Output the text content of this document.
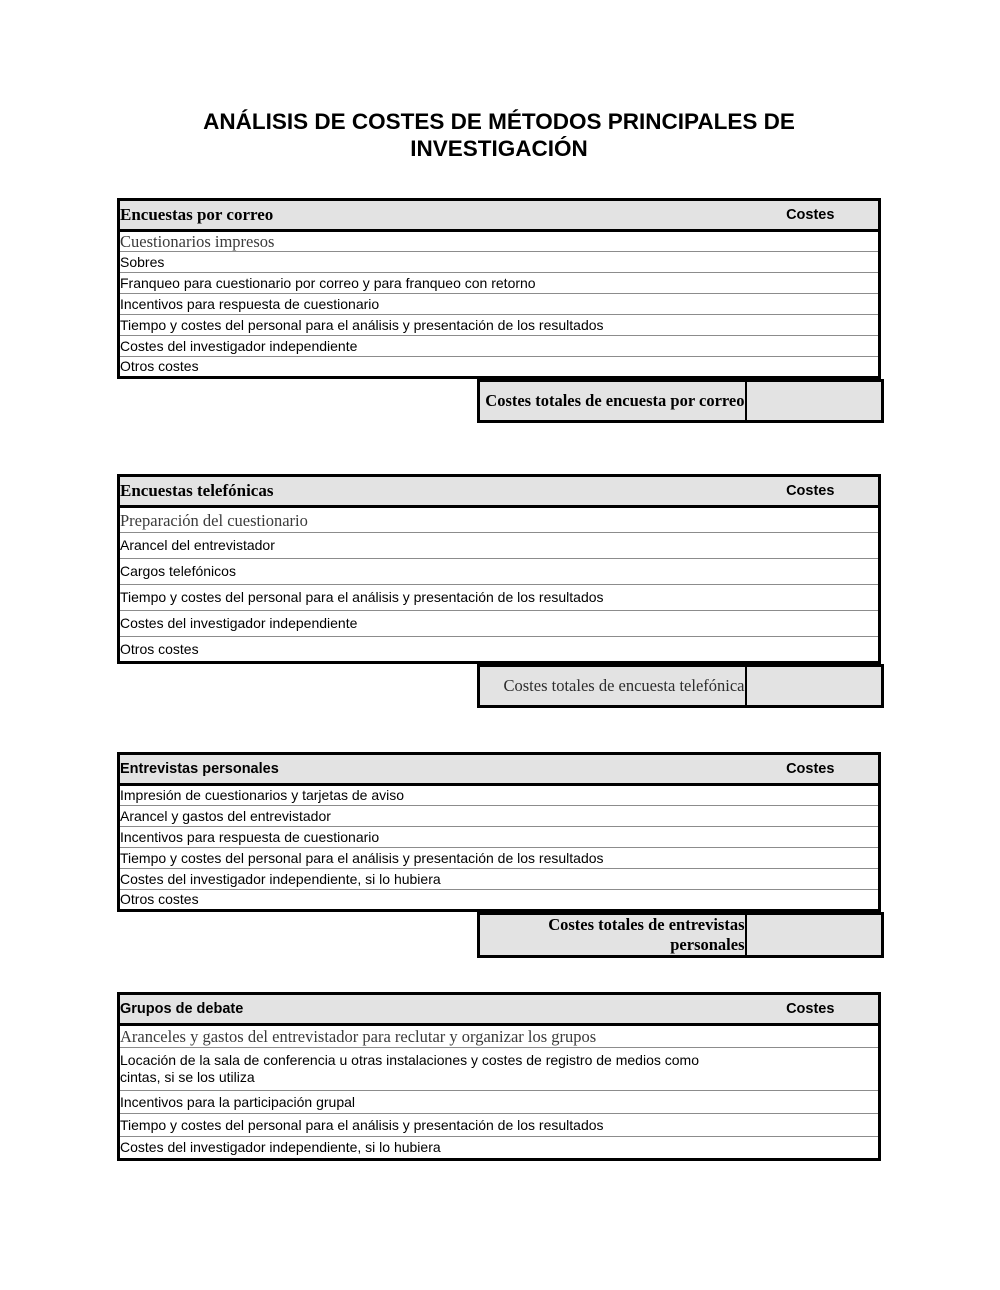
ANÁLISIS DE COSTES DE MÉTODOS PRINCIPALES DE INVESTIGACIÓN
Encuestas por correo	Costes
Cuestionarios impresos	
Sobres	
Franqueo para cuestionario por correo y para franqueo con retorno	
Incentivos para respuesta de cuestionario	
Tiempo y costes del personal para el análisis y presentación de los resultados	
Costes del investigador independiente	
Otros costes	
Costes totales de encuesta por correo	
Encuestas telefónicas	Costes
Preparación del cuestionario	
Arancel del entrevistador	
Cargos telefónicos	
Tiempo y costes del personal para el análisis y presentación de los resultados	
Costes del investigador independiente	
Otros costes	
Costes totales de encuesta telefónica	
Entrevistas personales	Costes
Impresión de cuestionarios y tarjetas de aviso	
Arancel y gastos del entrevistador	
Incentivos para respuesta de cuestionario	
Tiempo y costes del personal para el análisis y presentación de los resultados	
Costes del investigador independiente, si lo hubiera	
Otros costes	
Costes totales de entrevistas personales	
Grupos de debate	Costes
Aranceles y gastos del entrevistador para reclutar y organizar los grupos	
Locación de la sala de conferencia u otras instalaciones y costes de registro de medios como cintas, si se los utiliza	
Incentivos para la participación grupal	
Tiempo y costes del personal para el análisis y presentación de los resultados	
Costes del investigador independiente, si lo hubiera	
